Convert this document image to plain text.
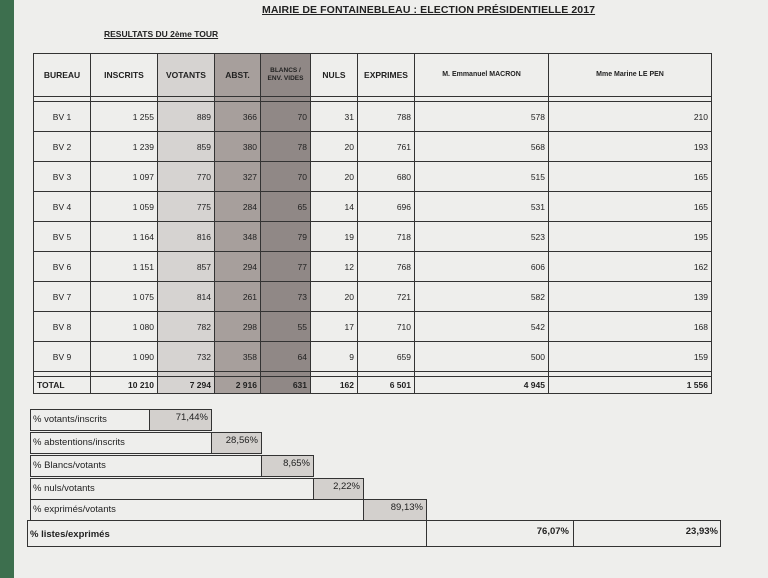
MAIRIE DE FONTAINEBLEAU : ELECTION PRÉSIDENTIELLE 2017
RESULTATS DU 2ème TOUR
BUREAU	INSCRITS	VOTANTS	ABST.	BLANCS / ENV. VIDES	NULS	EXPRIMES	M. Emmanuel MACRON	Mme Marine LE PEN

BV 1	1 255	889	366	70	31	788	578	210
BV 2	1 239	859	380	78	20	761	568	193
BV 3	1 097	770	327	70	20	680	515	165
BV 4	1 059	775	284	65	14	696	531	165
BV 5	1 164	816	348	79	19	718	523	195
BV 6	1 151	857	294	77	12	768	606	162
BV 7	1 075	814	261	73	20	721	582	139
BV 8	1 080	782	298	55	17	710	542	168
BV 9	1 090	732	358	64	9	659	500	159

TOTAL	10 210	7 294	2 916	631	162	6 501	4 945	1 556
% votants/inscrits	71,44%
% abstentions/inscrits	28,56%
% Blancs/votants	8,65%
% nuls/votants	2,22%
% exprimés/votants	89,13%
% listes/exprimés	76,07%	23,93%
